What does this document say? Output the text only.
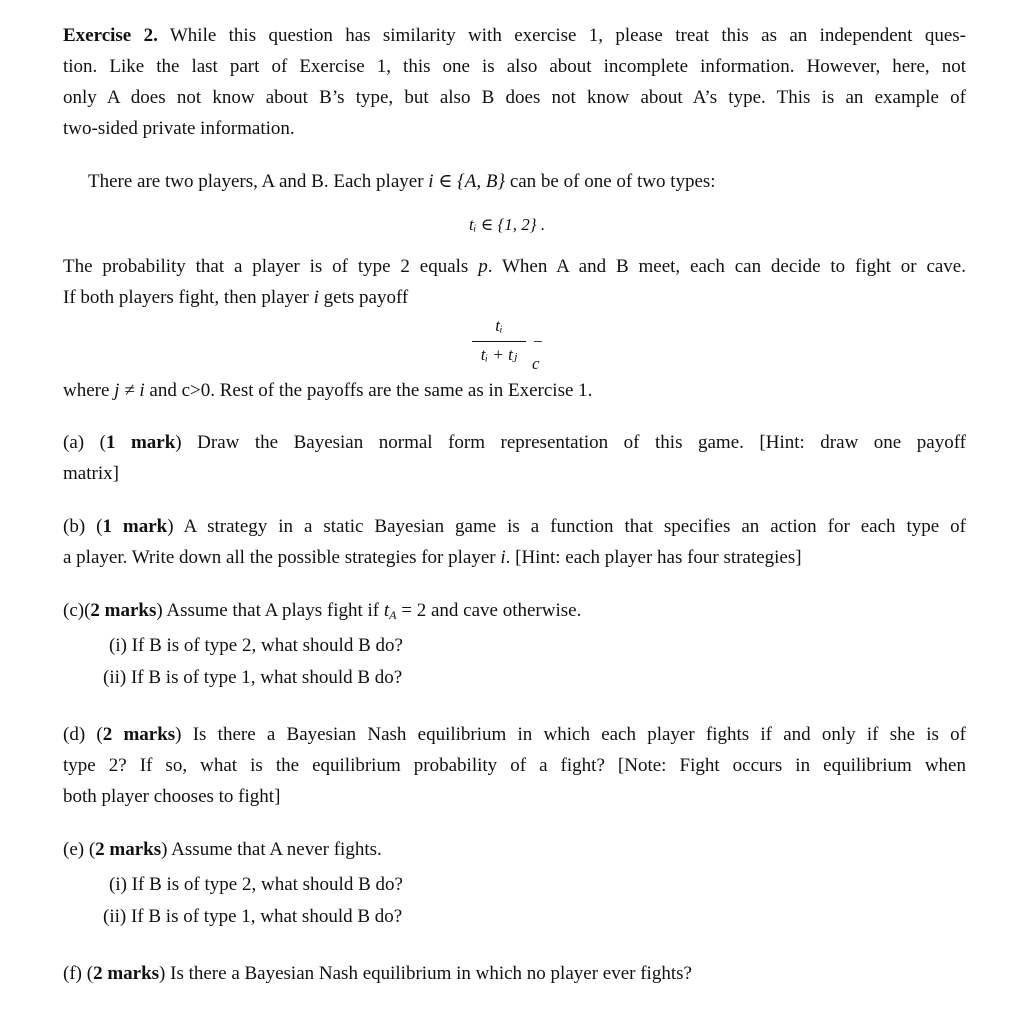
Exercise 2. While this question has similarity with exercise 1, please treat this as an independent ques-
tion. Like the last part of Exercise 1, this one is also about incomplete information. However, here, not
only A does not know about B’s type, but also B does not know about A’s type. This is an example of
two-sided private information.
There are two players, A and B. Each player i ∈ {A, B} can be of one of two types:
tᵢ ∈ {1, 2} .
The probability that a player is of type 2 equals p. When A and B meet, each can decide to fight or cave.
If both players fight, then player i gets payoff
tᵢ
tᵢ + tⱼ
− c
where j ≠ i and c>0. Rest of the payoffs are the same as in Exercise 1.
(a) (1 mark) Draw the Bayesian normal form representation of this game. [Hint: draw one payoff
matrix]
(b) (1 mark) A strategy in a static Bayesian game is a function that specifies an action for each type of
a player. Write down all the possible strategies for player i. [Hint: each player has four strategies]
(c)(2 marks) Assume that A plays fight if $t_A = 2$ and cave otherwise.
(i) If B is of type 2, what should B do?
(ii) If B is of type 1, what should B do?
(d) (2 marks) Is there a Bayesian Nash equilibrium in which each player fights if and only if she is of
type 2? If so, what is the equilibrium probability of a fight? [Note: Fight occurs in equilibrium when
both player chooses to fight]
(e) (2 marks) Assume that A never fights.
(i) If B is of type 2, what should B do?
(ii) If B is of type 1, what should B do?
(f) (2 marks) Is there a Bayesian Nash equilibrium in which no player ever fights?
